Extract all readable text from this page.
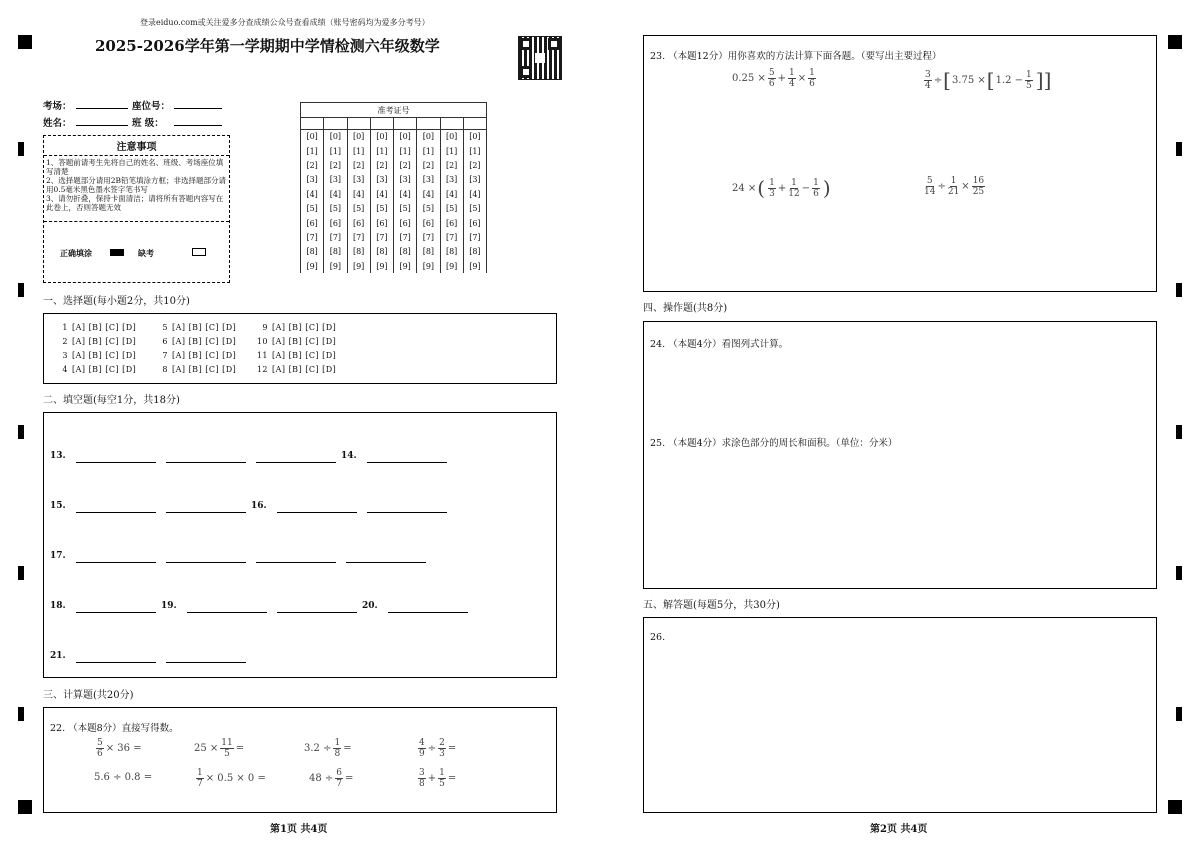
登录eiduo.com或关注爱多分查成绩公众号查看成绩（账号密码均为爱多分考号）
2025-2026学年第一学期期中学情检测六年级数学
考场：	座位号：
姓名：	班 级：
注意事项
1、答题前请考生先将自己的姓名、班级、考场座位填写清楚
2、选择题部分请用2B铅笔填涂方框；非选择题部分请用0.5毫米黑色墨水签字笔书写
3、请勿折叠，保持卡面清洁；请将所有答题内容写在此卷上，否则答题无效
正确填涂	缺考
准考证号							

[0]	[0]	[0]	[0]	[0]	[0]	[0]	[0]
[1]	[1]	[1]	[1]	[1]	[1]	[1]	[1]
[2]	[2]	[2]	[2]	[2]	[2]	[2]	[2]
[3]	[3]	[3]	[3]	[3]	[3]	[3]	[3]
[4]	[4]	[4]	[4]	[4]	[4]	[4]	[4]
[5]	[5]	[5]	[5]	[5]	[5]	[5]	[5]
[6]	[6]	[6]	[6]	[6]	[6]	[6]	[6]
[7]	[7]	[7]	[7]	[7]	[7]	[7]	[7]
[8]	[8]	[8]	[8]	[8]	[8]	[8]	[8]
[9]	[9]	[9]	[9]	[9]	[9]	[9]	[9]
一、选择题(每小题2分，共10分)
1 [A] [B] [C] [D]	5 [A] [B] [C] [D]	9 [A] [B] [C] [D]
2 [A] [B] [C] [D]	6 [A] [B] [C] [D]	10 [A] [B] [C] [D]
3 [A] [B] [C] [D]	7 [A] [B] [C] [D]	11 [A] [B] [C] [D]
4 [A] [B] [C] [D]	8 [A] [B] [C] [D]	12 [A] [B] [C] [D]
二、填空题(每空1分，共18分)
13.	14.
15.	16.
17.
18.	19.	20.
21.
三、计算题(共20分)
22. （本题8分）直接写得数。
$\frac{5}{6} \times 36$ =	$25 \times \frac{11}{5}$ =	$3.2 \div \frac{1}{8}$ =	$\frac{4}{9} \div \frac{2}{3}$ =
5.6 ÷ 0.8 =	$\frac{1}{7} \times 0.5 \times 0$ =	$48 \div \frac{6}{7}$ =	$\frac{3}{8} + \frac{1}{5}$ =
第1页 共4页
23. （本题12分）用你喜欢的方法计算下面各题。（要写出主要过程）
$0.25 \times \frac{5}{6} + \frac{1}{4} \times \frac{1}{6}$	$\frac{3}{4}$ ÷ [ 3.75 × [ $1.2 - \frac{1}{5}$ ]]
24 × ( $\frac{1}{3} + \frac{1}{12} - \frac{1}{6}$ )	$\frac{5}{14} \div \frac{1}{21} \times \frac{16}{25}$
四、操作题(共8分)
24. （本题4分）看图列式计算。
25. （本题4分）求涂色部分的周长和面积。（单位：分米）
五、解答题(每题5分，共30分)
26.
第2页 共4页
